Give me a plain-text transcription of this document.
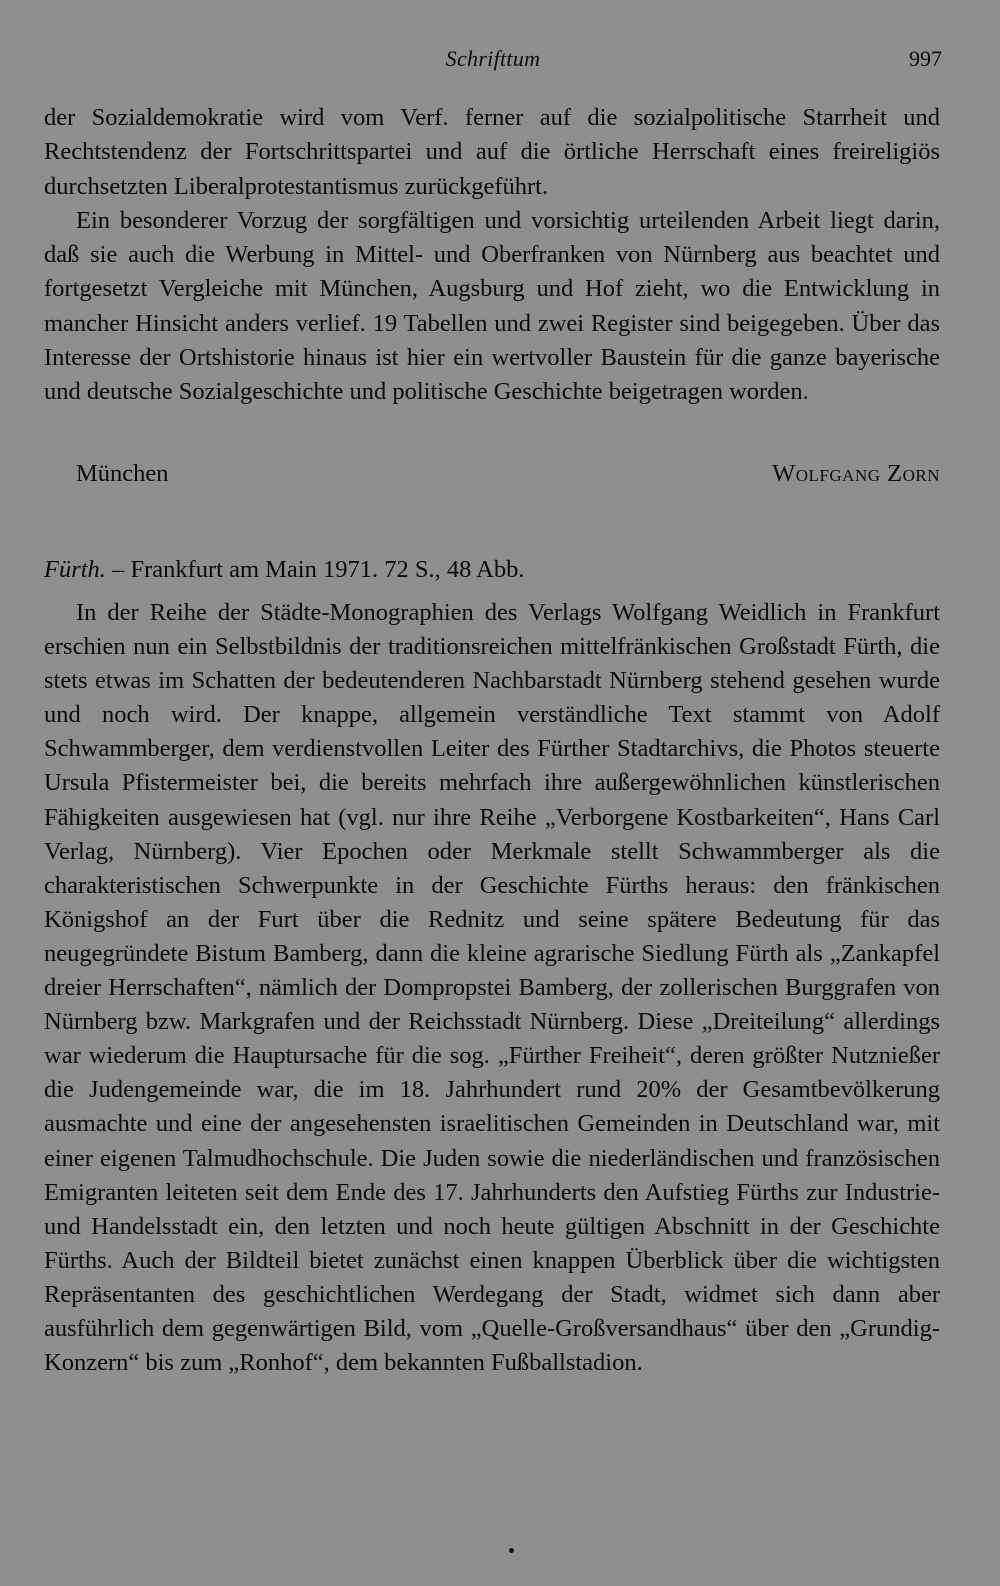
Schrifttum	997

der Sozialdemokratie wird vom Verf. ferner auf die sozialpolitische Starrheit und Rechtstendenz der Fortschrittspartei und auf die örtliche Herrschaft eines freireligiös durchsetzten Liberalprotestantismus zurückgeführt.

Ein besonderer Vorzug der sorgfältigen und vorsichtig urteilenden Arbeit liegt darin, daß sie auch die Werbung in Mittel- und Oberfranken von Nürnberg aus beachtet und fortgesetzt Vergleiche mit München, Augsburg und Hof zieht, wo die Entwicklung in mancher Hinsicht anders verlief. 19 Tabellen und zwei Register sind beigegeben. Über das Interesse der Ortshistorie hinaus ist hier ein wertvoller Baustein für die ganze bayerische und deutsche Sozialgeschichte und politische Geschichte beigetragen worden.

München	Wolfgang Zorn
Fürth. – Frankfurt am Main 1971. 72 S., 48 Abb.

In der Reihe der Städte-Monographien des Verlags Wolfgang Weidlich in Frankfurt erschien nun ein Selbstbildnis der traditionsreichen mittelfränkischen Großstadt Fürth, die stets etwas im Schatten der bedeutenderen Nachbarstadt Nürnberg stehend gesehen wurde und noch wird. Der knappe, allgemein verständliche Text stammt von Adolf Schwammberger, dem verdienstvollen Leiter des Fürther Stadtarchivs, die Photos steuerte Ursula Pfistermeister bei, die bereits mehrfach ihre außergewöhnlichen künstlerischen Fähigkeiten ausgewiesen hat (vgl. nur ihre Reihe „Verborgene Kostbarkeiten“, Hans Carl Verlag, Nürnberg). Vier Epochen oder Merkmale stellt Schwammberger als die charakteristischen Schwerpunkte in der Geschichte Fürths heraus: den fränkischen Königshof an der Furt über die Rednitz und seine spätere Bedeutung für das neugegründete Bistum Bamberg, dann die kleine agrarische Siedlung Fürth als „Zankapfel dreier Herrschaften“, nämlich der Dompropstei Bamberg, der zollerischen Burggrafen von Nürnberg bzw. Markgrafen und der Reichsstadt Nürnberg. Diese „Dreiteilung“ allerdings war wiederum die Hauptursache für die sog. „Fürther Freiheit“, deren größter Nutznießer die Judengemeinde war, die im 18. Jahrhundert rund 20% der Gesamtbevölkerung ausmachte und eine der angesehensten israelitischen Gemeinden in Deutschland war, mit einer eigenen Talmudhochschule. Die Juden sowie die niederländischen und französischen Emigranten leiteten seit dem Ende des 17. Jahrhunderts den Aufstieg Fürths zur Industrie- und Handelsstadt ein, den letzten und noch heute gültigen Abschnitt in der Geschichte Fürths. Auch der Bildteil bietet zunächst einen knappen Überblick über die wichtigsten Repräsentanten des geschichtlichen Werdegang der Stadt, widmet sich dann aber ausführlich dem gegenwärtigen Bild, vom „Quelle-Großversandhaus“ über den „Grundig-Konzern“ bis zum „Ronhof“, dem bekannten Fußballstadion.
